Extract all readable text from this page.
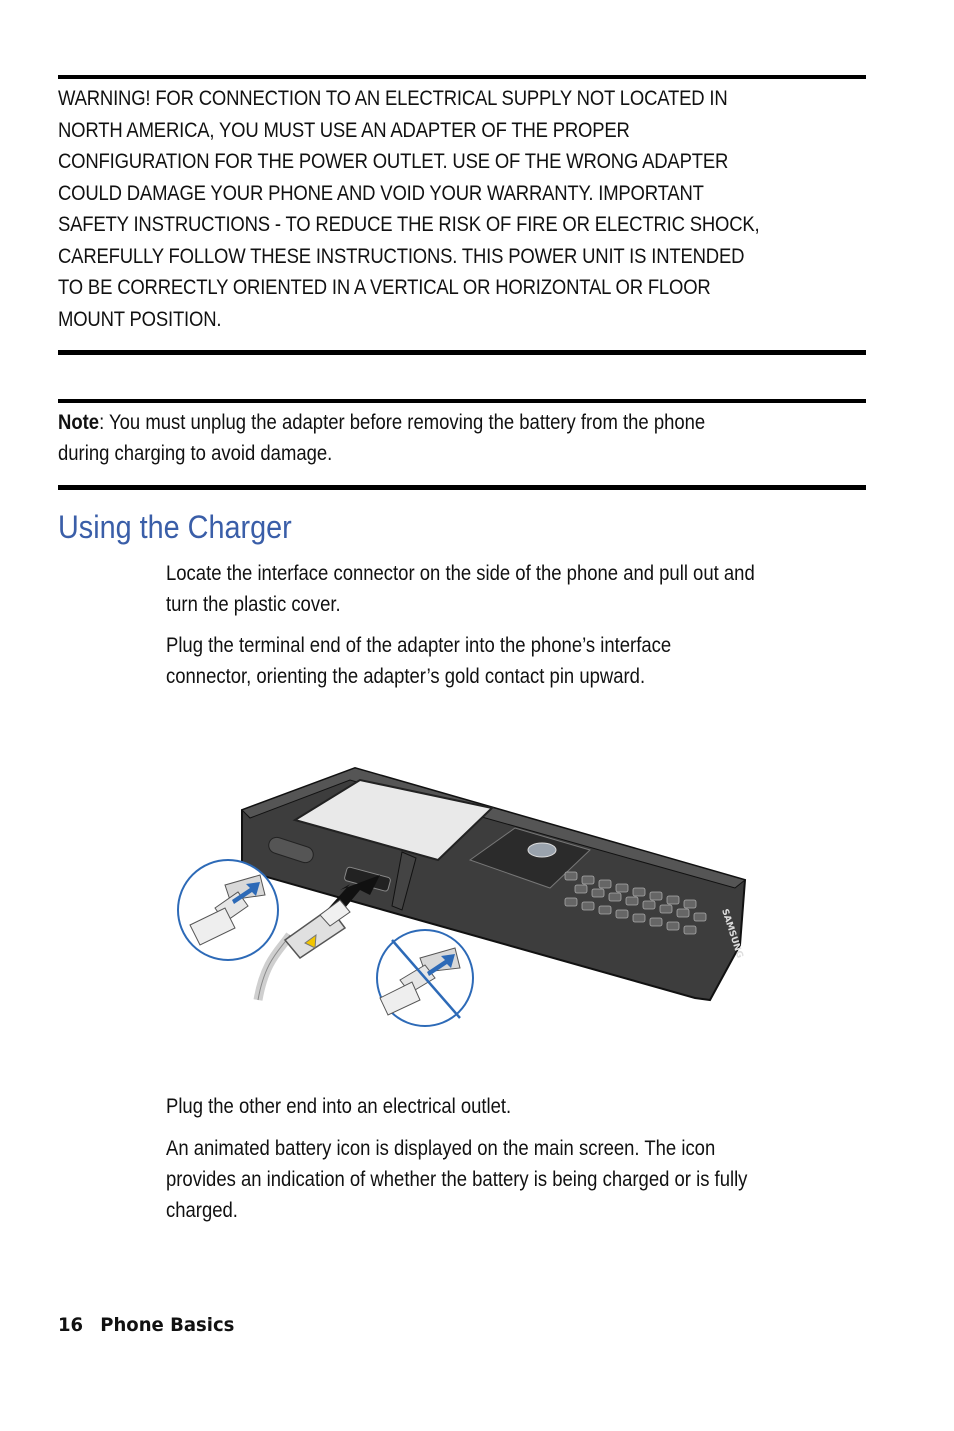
WARNING! FOR CONNECTION TO AN ELECTRICAL SUPPLY NOT LOCATED IN
NORTH AMERICA, YOU MUST USE AN ADAPTER OF THE PROPER
CONFIGURATION FOR THE POWER OUTLET. USE OF THE WRONG ADAPTER
COULD DAMAGE YOUR PHONE AND VOID YOUR WARRANTY. IMPORTANT
SAFETY INSTRUCTIONS - TO REDUCE THE RISK OF FIRE OR ELECTRIC SHOCK,
CAREFULLY FOLLOW THESE INSTRUCTIONS. THIS POWER UNIT IS INTENDED
TO BE CORRECTLY ORIENTED IN A VERTICAL OR HORIZONTAL OR FLOOR
MOUNT POSITION.
Note: You must unplug the adapter before removing the battery from the phone
during charging to avoid damage.
Using the Charger
Locate the interface connector on the side of the phone and pull out and
turn the plastic cover.
Plug the terminal end of the adapter into the phone’s interface
connector, orienting the adapter’s gold contact pin upward.
SAMSUNG
Plug the other end into an electrical outlet.
An animated battery icon is displayed on the main screen. The icon
provides an indication of whether the battery is being charged or is fully
charged.
16 Phone Basics
